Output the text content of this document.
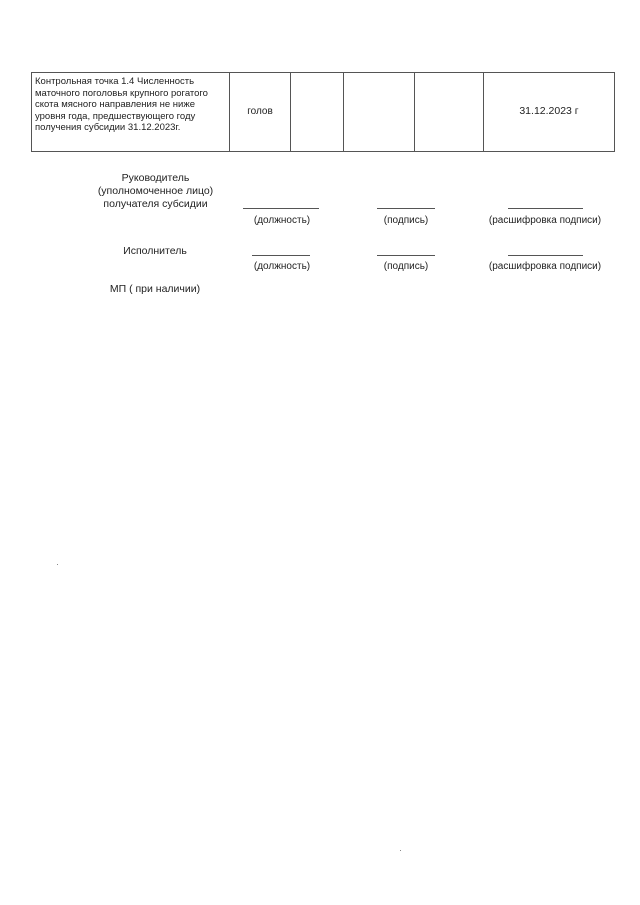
Контрольная точка 1.4 Численность маточного поголовья крупного рогатого скота мясного направления не ниже уровня года, предшествующего году получения субсидии 31.12.2023г.	голов				31.12.2023 г
Руководитель (уполномоченное лицо) получателя субсидии
(должность)	(подпись)	(расшифровка подписи)
Исполнитель
(должность)	(подпись)	(расшифровка подписи)
МП ( при наличии)
